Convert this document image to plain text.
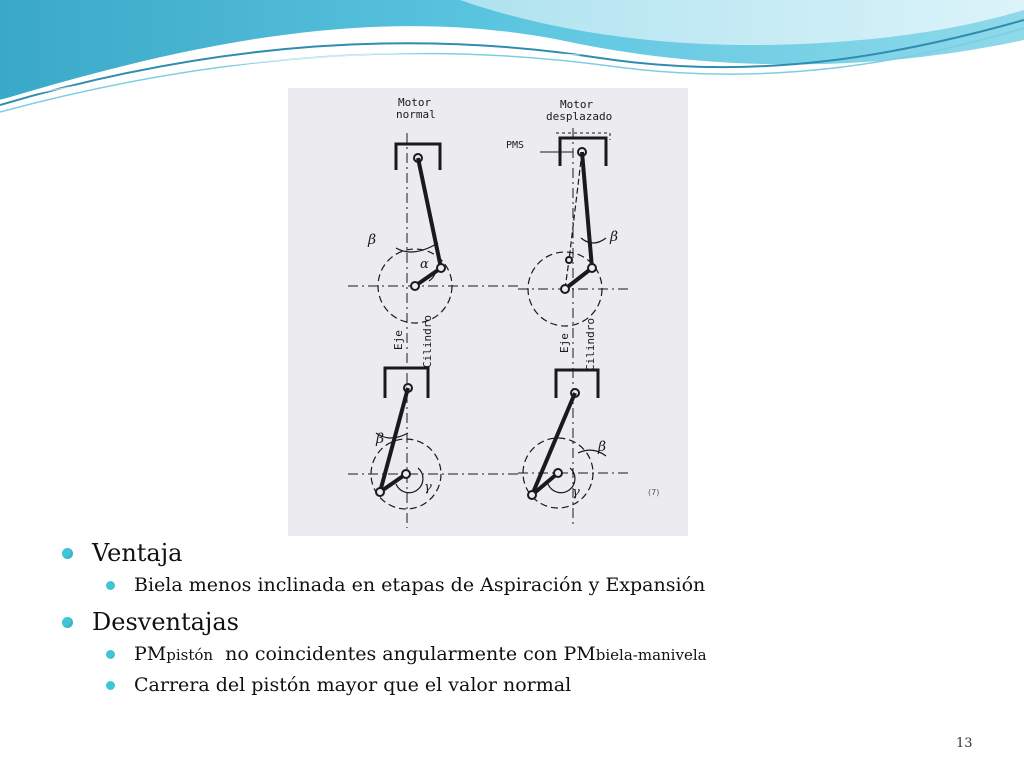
Motor
normal
Motor
desplazado
PMS
Eje Cilindro	Eje Cilindro
β
α
β
β
γ
β
γ	(7)
Ventaja
Biela menos inclinada en etapas de Aspiración y Expansión
Desventajas
PMpistón  no coincidentes angularmente con PMbiela-manivela
Carrera del pistón mayor que el valor normal
13
